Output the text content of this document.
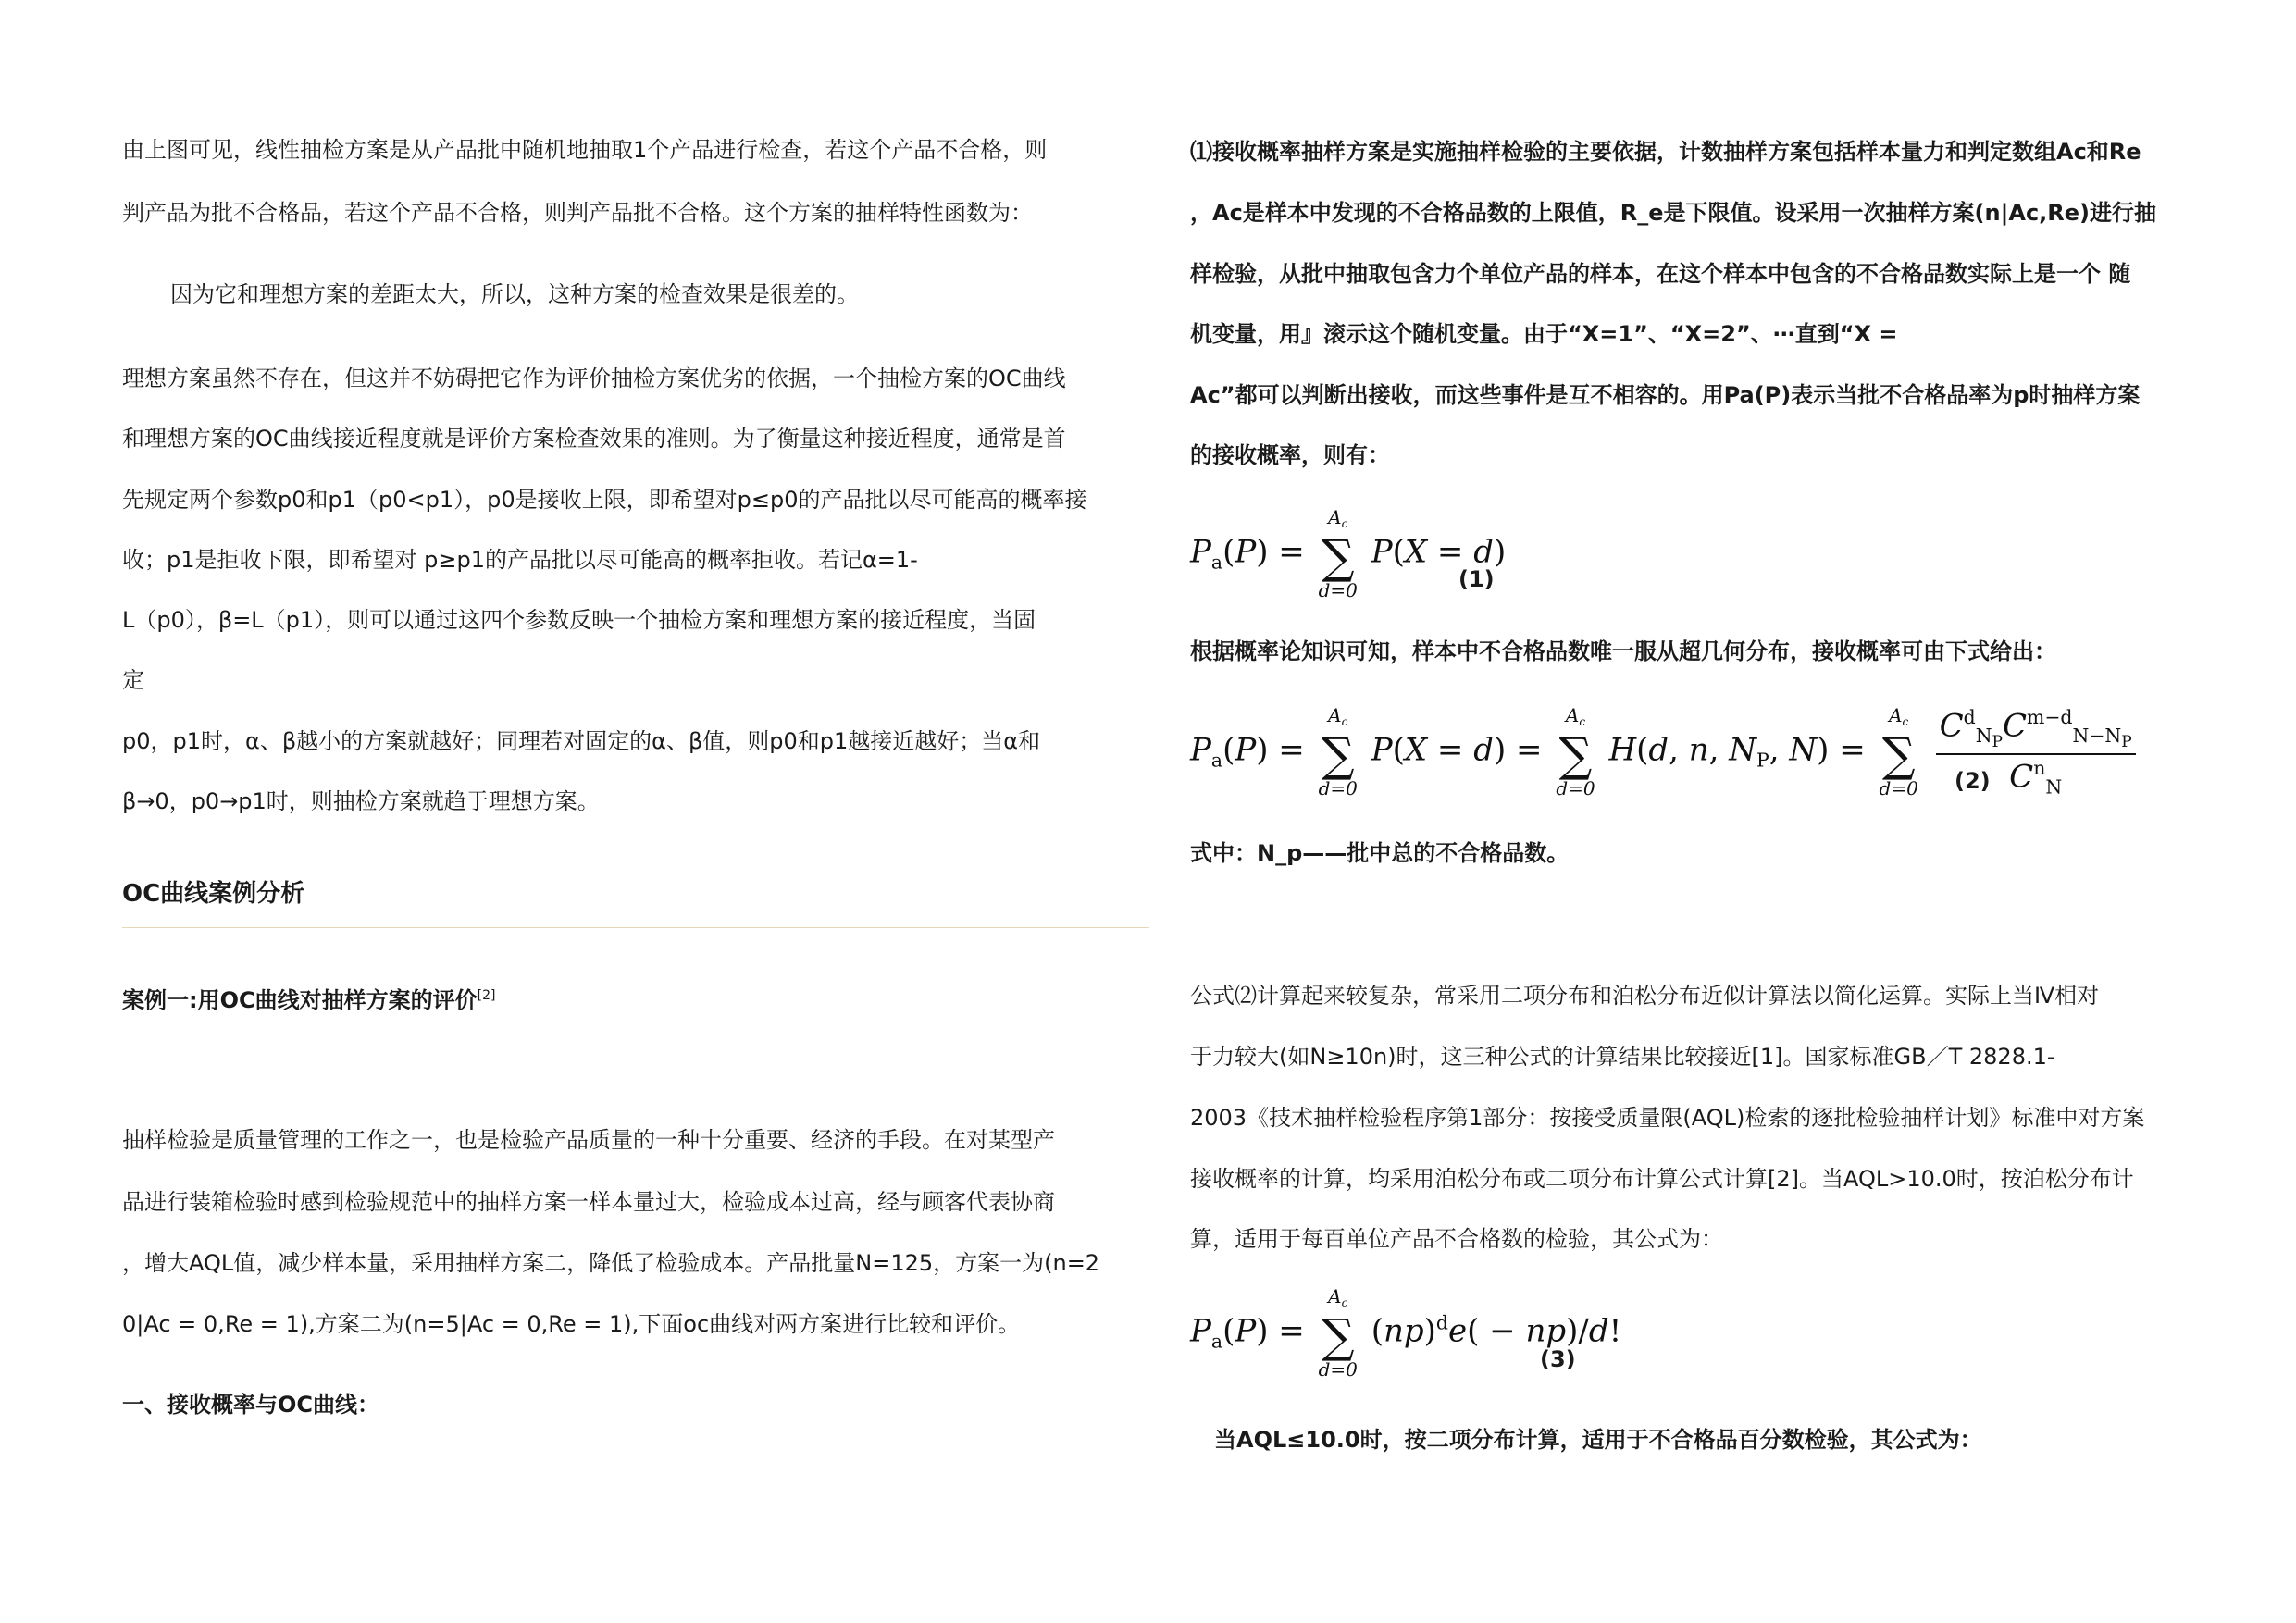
由上图可见，线性抽检方案是从产品批中随机地抽取1个产品进行检查，若这个产品不合格，则
判产品为批不合格品，若这个产品不合格，则判产品批不合格。这个方案的抽样特性函数为：
因为它和理想方案的差距太大，所以，这种方案的检查效果是很差的。
理想方案虽然不存在，但这并不妨碍把它作为评价抽检方案优劣的依据，一个抽检方案的OC曲线
和理想方案的OC曲线接近程度就是评价方案检查效果的准则。为了衡量这种接近程度，通常是首
先规定两个参数p0和p1（p0<p1），p0是接收上限，即希望对p≤p0的产品批以尽可能高的概率接
收；p1是拒收下限，即希望对 p≥p1的产品批以尽可能高的概率拒收。若记α=1-
L（p0），β=L（p1），则可以通过这四个参数反映一个抽检方案和理想方案的接近程度，当固
定
p0，p1时，α、β越小的方案就越好；同理若对固定的α、β值，则p0和p1越接近越好；当α和
β→0，p0→p1时，则抽检方案就趋于理想方案。
OC曲线案例分析
案例一:用OC曲线对抽样方案的评价[2]
抽样检验是质量管理的工作之一，也是检验产品质量的一种十分重要、经济的手段。在对某型产
品进行装箱检验时感到检验规范中的抽样方案一样本量过大，检验成本过高，经与顾客代表协商
，增大AQL值，减少样本量，采用抽样方案二，降低了检验成本。产品批量N=125，方案一为(n=2
0|Ac = 0,Re = 1),方案二为(n=5|Ac = 0,Re = 1),下面oc曲线对两方案进行比较和评价。
一、接收概率与OC曲线：
⑴接收概率抽样方案是实施抽样检验的主要依据，计数抽样方案包括样本量力和判定数组Ac和Re
，Ac是样本中发现的不合格品数的上限值，R_e是下限值。设采用一次抽样方案(n|Ac,Re)进行抽
样检验，从批中抽取包含力个单位产品的样本，在这个样本中包含的不合格品数实际上是一个 随
机变量，用』滚示这个随机变量。由于“X=1”、“X=2”、⋯直到“X =
Ac”都可以判断出接收，而这些事件是互不相容的。用Pa(P)表示当批不合格品率为p时抽样方案
的接收概率，则有：
$P_a(P)$ =
$A_c$
∑
d=0
P(X = d)
(1)
根据概率论知识可知，样本中不合格品数唯一服从超几何分布，接收概率可由下式给出：
$P_a(P)$ =
$A_c$
∑
d=0
P(X = d) =
$A_c$
∑
d=0
H(d, n, $N_P$, N) =
$A_c$
∑
d=0
$\frac{C^d_{N_P}C^{m-d}_{N-N_P}}{C^n_N}$
(2)
式中：N_p——批中总的不合格品数。
公式⑵计算起来较复杂，常采用二项分布和泊松分布近似计算法以简化运算。实际上当Ⅳ相对
于力较大(如N≥10n)时，这三种公式的计算结果比较接近[1]。国家标准GB／T 2828.1-
2003《技术抽样检验程序第1部分：按接受质量限(AQL)检索的逐批检验抽样计划》标准中对方案
接收概率的计算，均采用泊松分布或二项分布计算公式计算[2]。当AQL>10.0时，按泊松分布计
算，适用于每百单位产品不合格数的检验，其公式为：
$P_a(P)$ =
$A_c$
∑
d=0
(np)$^d$e( − np)/d!
(3)
当AQL≤10.0时，按二项分布计算，适用于不合格品百分数检验，其公式为：
